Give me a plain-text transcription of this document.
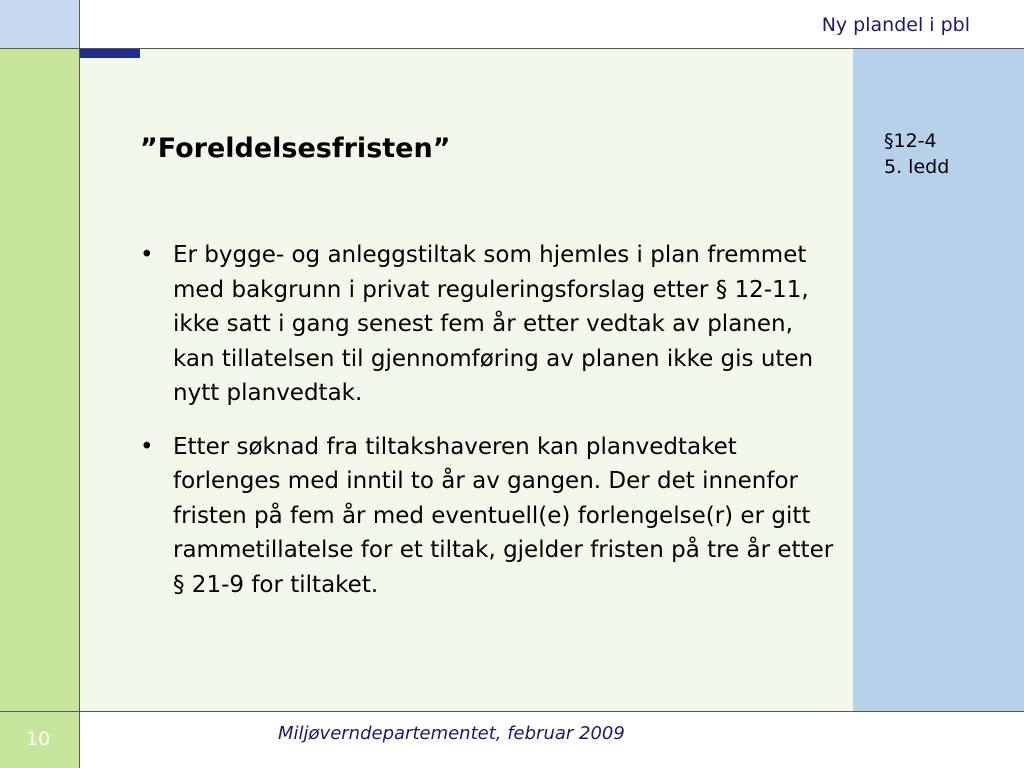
Ny plandel i pbl
”Foreldelsesfristen”
• Er bygge- og anleggstiltak som hjemles i plan fremmet med bakgrunn i privat reguleringsforslag etter § 12-11, ikke satt i gang senest fem år etter vedtak av planen, kan tillatelsen til gjennomføring av planen ikke gis uten nytt planvedtak.
• Etter søknad fra tiltakshaveren kan planvedtaket forlenges med inntil to år av gangen. Der det innenfor fristen på fem år med eventuell(e) forlengelse(r) er gitt rammetillatelse for et tiltak, gjelder fristen på tre år etter § 21-9 for tiltaket.
§12-4
5. ledd
Miljøverndepartementet, februar 2009
10
